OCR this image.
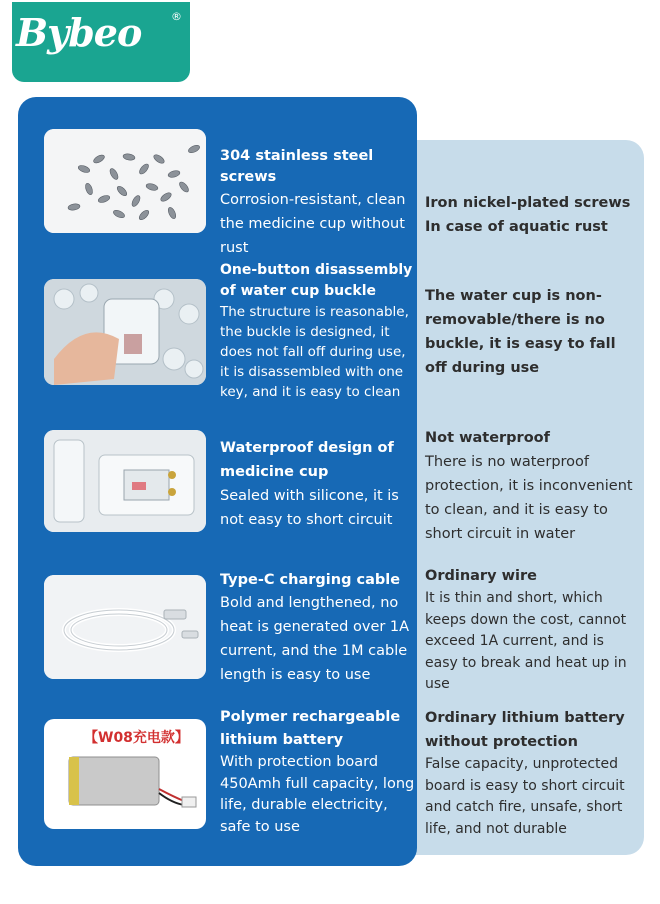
Bybeo	®
304 stainless steel screws
Corrosion-resistant, clean the medicine cup without rust
Iron nickel-plated screws
In case of aquatic rust
One-button disassembly of water cup buckle
The structure is reasonable, the buckle is designed, it does not fall off during use, it is disassembled with one key, and it is easy to clean
The water cup is non-removable/there is no buckle, it is easy to fall off during use
Waterproof design of medicine cup
Sealed with silicone, it is not easy to short circuit
Not waterproof
There is no waterproof protection, it is inconvenient to clean, and it is easy to short circuit in water
Type-C charging cable
Bold and lengthened, no heat is generated over 1A current, and the 1M cable length is easy to use
Ordinary wire
It is thin and short, which keeps down the cost, cannot exceed 1A current, and is easy to break and heat up in use
【W08充电款】
Polymer rechargeable lithium battery
With protection board 450Amh full capacity, long life, durable electricity, safe to use
Ordinary lithium battery without protection
False capacity, unprotected board is easy to short circuit and catch fire, unsafe, short life, and not durable
